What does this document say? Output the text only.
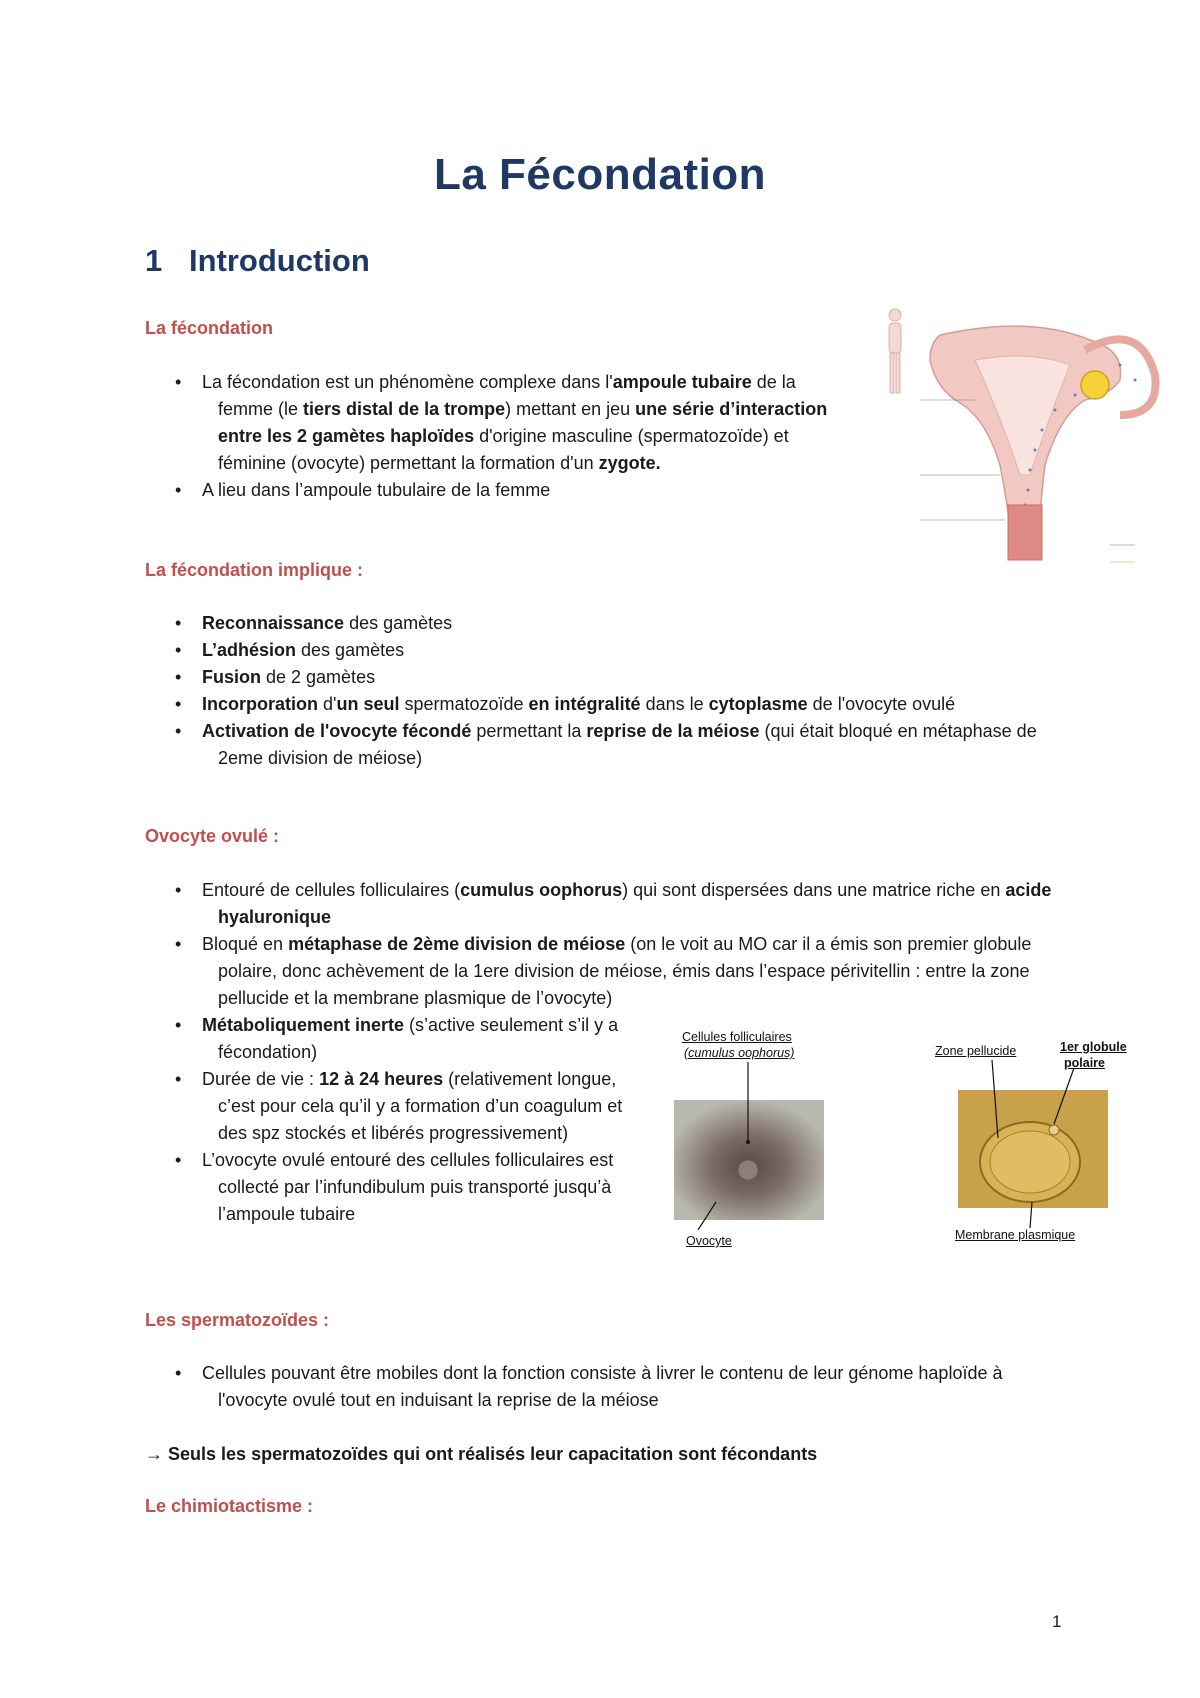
La Fécondation
1 Introduction
La fécondation
• La fécondation est un phénomène complexe dans l'ampoule tubaire de la femme (le tiers distal de la trompe) mettant en jeu une série d’interaction entre les 2 gamètes haploïdes d'origine masculine (spermatozoïde) et féminine (ovocyte) permettant la formation d'un zygote.
• A lieu dans l’ampoule tubulaire de la femme
La fécondation implique :
• Reconnaissance des gamètes
• L’adhésion des gamètes
• Fusion de 2 gamètes
• Incorporation d'un seul spermatozoïde en intégralité dans le cytoplasme de l'ovocyte ovulé
• Activation de l'ovocyte fécondé permettant la reprise de la méiose (qui était bloqué en métaphase de 2eme division de méiose)
Ovocyte ovulé :
• Entouré de cellules folliculaires (cumulus oophorus) qui sont dispersées dans une matrice riche en acide hyaluronique
• Bloqué en métaphase de 2ème division de méiose (on le voit au MO car il a émis son premier globule polaire, donc achèvement de la 1ere division de méiose, émis dans l’espace périvitellin : entre la zone pellucide et la membrane plasmique de l’ovocyte)
• Métaboliquement inerte (s’active seulement s’il y a fécondation)
• Durée de vie : 12 à 24 heures (relativement longue, c’est pour cela qu’il y a formation d’un coagulum et des spz stockés et libérés progressivement)
• L’ovocyte ovulé entouré des cellules folliculaires est collecté par l’infundibulum puis transporté jusqu’à l’ampoule tubaire
Cellules folliculaires
(cumulus oophorus)
Ovocyte
Zone pellucide	1er globule
polaire
Membrane plasmique
Les spermatozoïdes :
• Cellules pouvant être mobiles dont la fonction consiste à livrer le contenu de leur génome haploïde à l'ovocyte ovulé tout en induisant la reprise de la méiose
→ Seuls les spermatozoïdes qui ont réalisés leur capacitation sont fécondants
Le chimiotactisme :
1
